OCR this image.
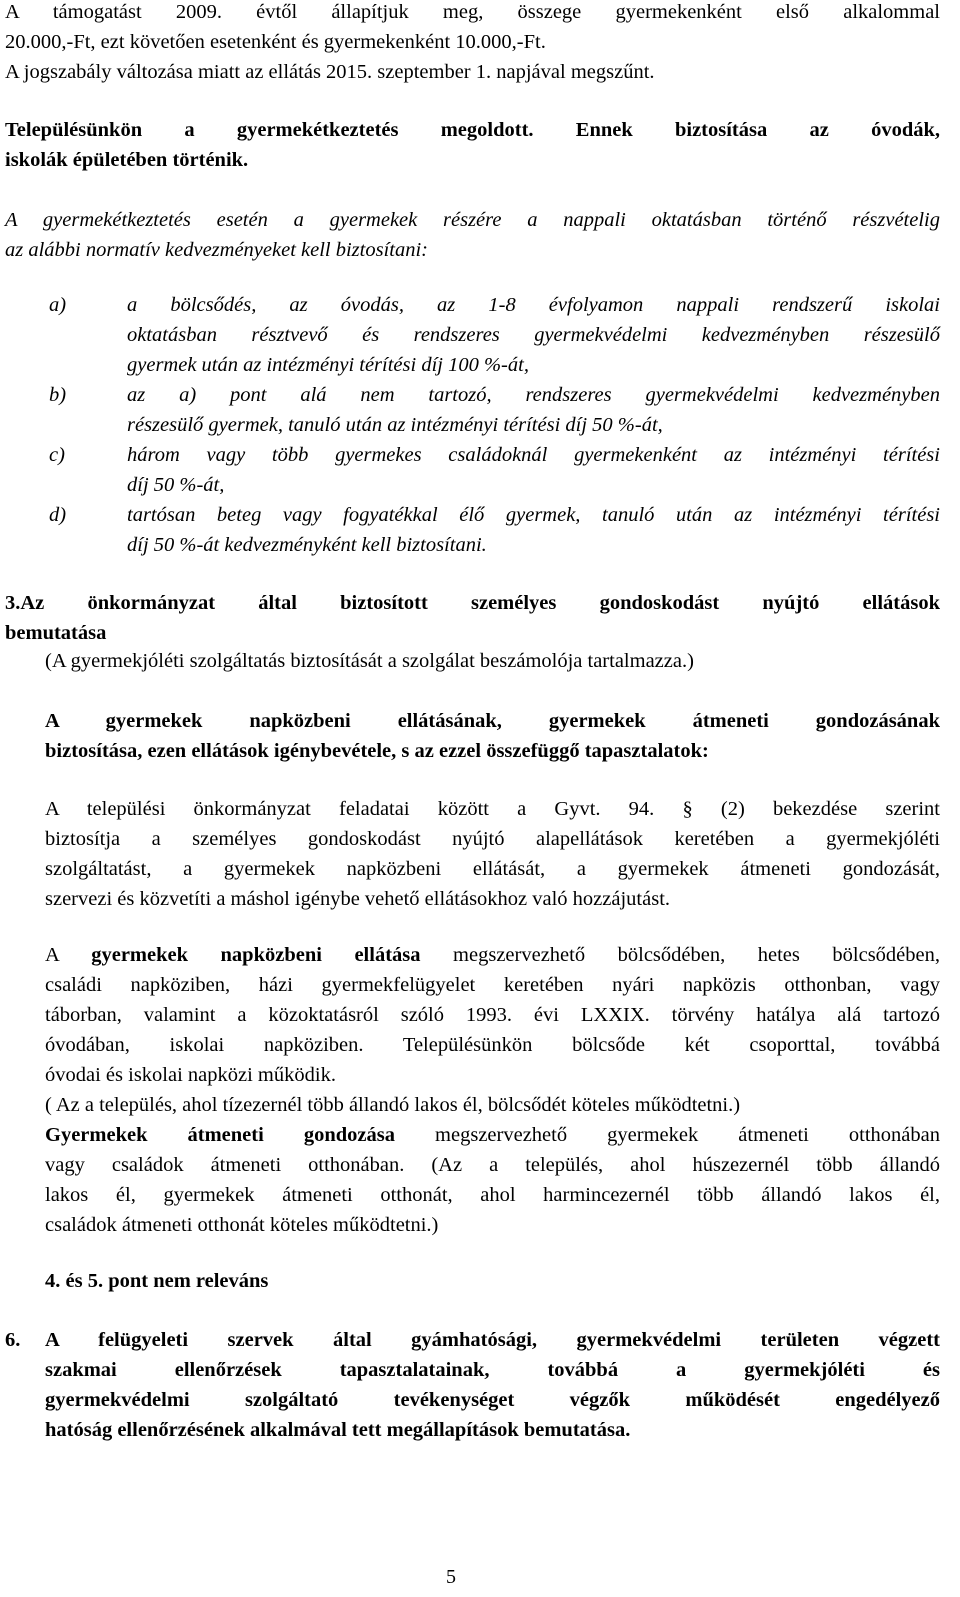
A támogatást 2009. évtől állapítjuk meg, összege gyermekenként első alkalommal
20.000,-Ft, ezt követően esetenként és gyermekenként 10.000,-Ft.
A jogszabály változása miatt az ellátás 2015. szeptember 1. napjával megszűnt.

Településünkön a gyermekétkeztetés megoldott. Ennek biztosítása az óvodák,
iskolák épületében történik.

A gyermekétkeztetés esetén a gyermekek részére a nappali oktatásban történő részvételig
az alábbi normatív kedvezményeket kell biztosítani:

a)	a bölcsődés, az óvodás, az 1-8 évfolyamon nappali rendszerű iskolai
oktatásban résztvevő és rendszeres gyermekvédelmi kedvezményben részesülő
gyermek után az intézményi térítési díj 100 %-át,
b)	az a) pont alá nem tartozó, rendszeres gyermekvédelmi kedvezményben
részesülő gyermek, tanuló után az intézményi térítési díj 50 %-át,
c)	három vagy több gyermekes családoknál gyermekenként az intézményi térítési
díj 50 %-át,
d)	tartósan beteg vagy fogyatékkal élő gyermek, tanuló után az intézményi térítési
díj 50 %-át kedvezményként kell biztosítani.

3.Az önkormányzat által biztosított személyes gondoskodást nyújtó ellátások
bemutatása

(A gyermekjóléti szolgáltatás biztosítását a szolgálat beszámolója tartalmazza.)

A gyermekek napközbeni ellátásának, gyermekek átmeneti gondozásának
biztosítása, ezen ellátások igénybevétele, s az ezzel összefüggő tapasztalatok:

A települési önkormányzat feladatai között a Gyvt. 94. § (2) bekezdése szerint
biztosítja a személyes gondoskodást nyújtó alapellátások keretében a gyermekjóléti
szolgáltatást, a gyermekek napközbeni ellátását, a gyermekek átmeneti gondozását,
szervezi és közvetíti a máshol igénybe vehető ellátásokhoz való hozzájutást.

A gyermekek napközbeni ellátása megszervezhető bölcsődében, hetes bölcsődében,
családi napköziben, házi gyermekfelügyelet keretében nyári napközis otthonban, vagy
táborban, valamint a közoktatásról szóló 1993. évi LXXIX. törvény hatálya alá tartozó
óvodában, iskolai napköziben. Településünkön bölcsőde két csoporttal, továbbá
óvodai és iskolai napközi működik.
( Az a település, ahol tízezernél több állandó lakos él, bölcsődét köteles működtetni.)

Gyermekek átmeneti gondozása megszervezhető gyermekek átmeneti otthonában
vagy családok átmeneti otthonában. (Az a település, ahol húszezernél több állandó
lakos él, gyermekek átmeneti otthonát, ahol harmincezernél több állandó lakos él,
családok átmeneti otthonát köteles működtetni.)

4. és 5. pont nem releváns

6. A felügyeleti szervek által gyámhatósági, gyermekvédelmi területen végzett
szakmai ellenőrzések tapasztalatainak, továbbá a gyermekjóléti és
gyermekvédelmi szolgáltató tevékenységet végzők működését engedélyező
hatóság ellenőrzésének alkalmával tett megállapítások bemutatása.

5
